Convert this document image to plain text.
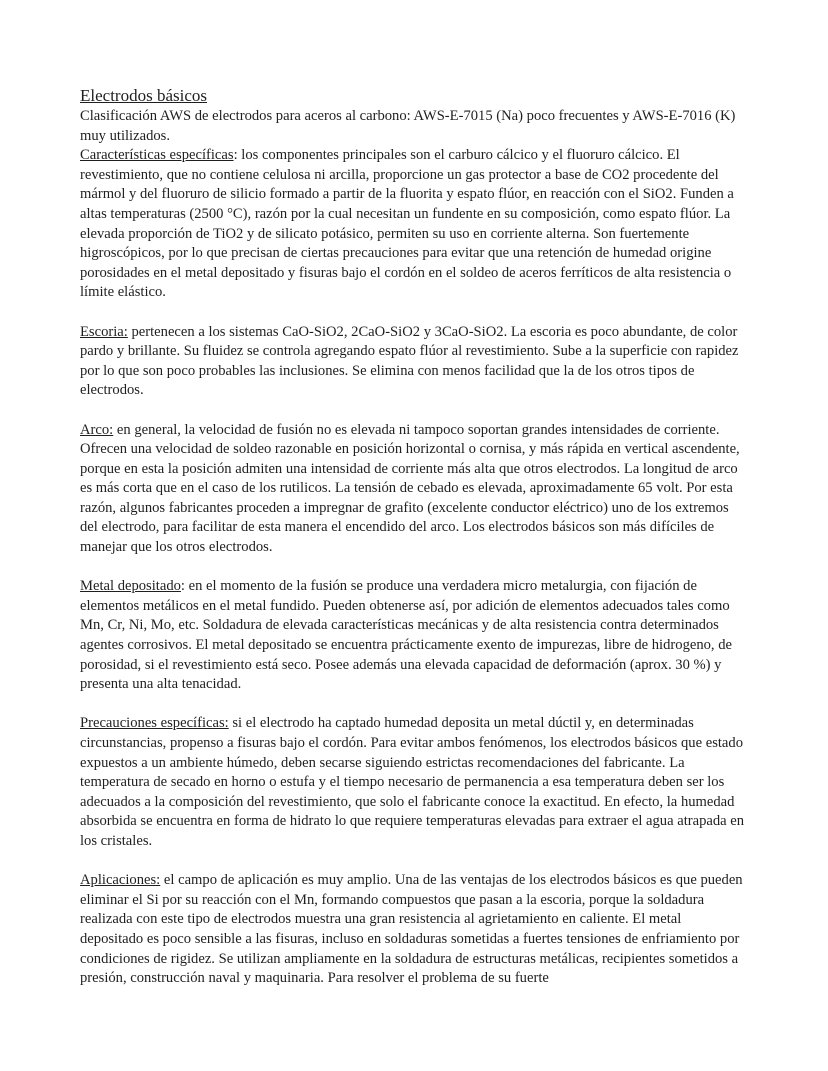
Electrodos básicos

Clasificación AWS de electrodos para aceros al carbono: AWS-E-7015 (Na) poco frecuentes y AWS-E-7016 (K) muy utilizados.

Características específicas: los componentes principales son el carburo cálcico y el fluoruro cálcico. El revestimiento, que no contiene celulosa ni arcilla, proporcione un gas protector a base de CO2 procedente del mármol y del fluoruro de silicio formado a partir de la fluorita y espato flúor, en reacción con el SiO2. Funden a altas temperaturas (2500 °C), razón por la cual necesitan un fundente en su composición, como espato flúor. La elevada proporción de TiO2 y de silicato potásico, permiten su uso en corriente alterna. Son fuertemente higroscópicos, por lo que precisan de ciertas precauciones para evitar que una retención de humedad origine porosidades en el metal depositado y fisuras bajo el cordón en el soldeo de aceros ferríticos de alta resistencia o límite elástico.

Escoria: pertenecen a los sistemas CaO-SiO2, 2CaO-SiO2 y 3CaO-SiO2. La escoria es poco abundante, de color pardo y brillante. Su fluidez se controla agregando espato flúor al revestimiento. Sube a la superficie con rapidez por lo que son poco probables las inclusiones. Se elimina con menos facilidad que la de los otros tipos de electrodos.

Arco: en general, la velocidad de fusión no es elevada ni tampoco soportan grandes intensidades de corriente. Ofrecen una velocidad de soldeo razonable en posición horizontal o cornisa, y más rápida en vertical ascendente, porque en esta la posición admiten una intensidad de corriente más alta que otros electrodos. La longitud de arco es más corta que en el caso de los rutilicos. La tensión de cebado es elevada, aproximadamente 65 volt. Por esta razón, algunos fabricantes proceden a impregnar de grafito (excelente conductor eléctrico) uno de los extremos del electrodo, para facilitar de esta manera el encendido del arco. Los electrodos básicos son más difíciles de manejar que los otros electrodos.

Metal depositado: en el momento de la fusión se produce una verdadera micro metalurgia, con fijación de elementos metálicos en el metal fundido. Pueden obtenerse así, por adición de elementos adecuados tales como Mn, Cr, Ni, Mo, etc. Soldadura de elevada características mecánicas y de alta resistencia contra determinados agentes corrosivos. El metal depositado se encuentra prácticamente exento de impurezas, libre de hidrogeno, de porosidad, si el revestimiento está seco. Posee además una elevada capacidad de deformación (aprox. 30 %) y presenta una alta tenacidad.

Precauciones específicas: si el electrodo ha captado humedad deposita un metal dúctil y, en determinadas circunstancias, propenso a fisuras bajo el cordón. Para evitar ambos fenómenos, los electrodos básicos que estado expuestos a un ambiente húmedo, deben secarse siguiendo estrictas recomendaciones del fabricante. La temperatura de secado en horno o estufa y el tiempo necesario de permanencia a esa temperatura deben ser los adecuados a la composición del revestimiento, que solo el fabricante conoce la exactitud. En efecto, la humedad absorbida se encuentra en forma de hidrato lo que requiere temperaturas elevadas para extraer el agua atrapada en los cristales.

Aplicaciones: el campo de aplicación es muy amplio. Una de las ventajas de los electrodos básicos es que pueden eliminar el Si por su reacción con el Mn, formando compuestos que pasan a la escoria, porque la soldadura realizada con este tipo de electrodos muestra una gran resistencia al agrietamiento en caliente. El metal depositado es poco sensible a las fisuras, incluso en soldaduras sometidas a fuertes tensiones de enfriamiento por condiciones de rigidez. Se utilizan ampliamente en la soldadura de estructuras metálicas, recipientes sometidos a presión, construcción naval y maquinaria. Para resolver el problema de su fuerte
